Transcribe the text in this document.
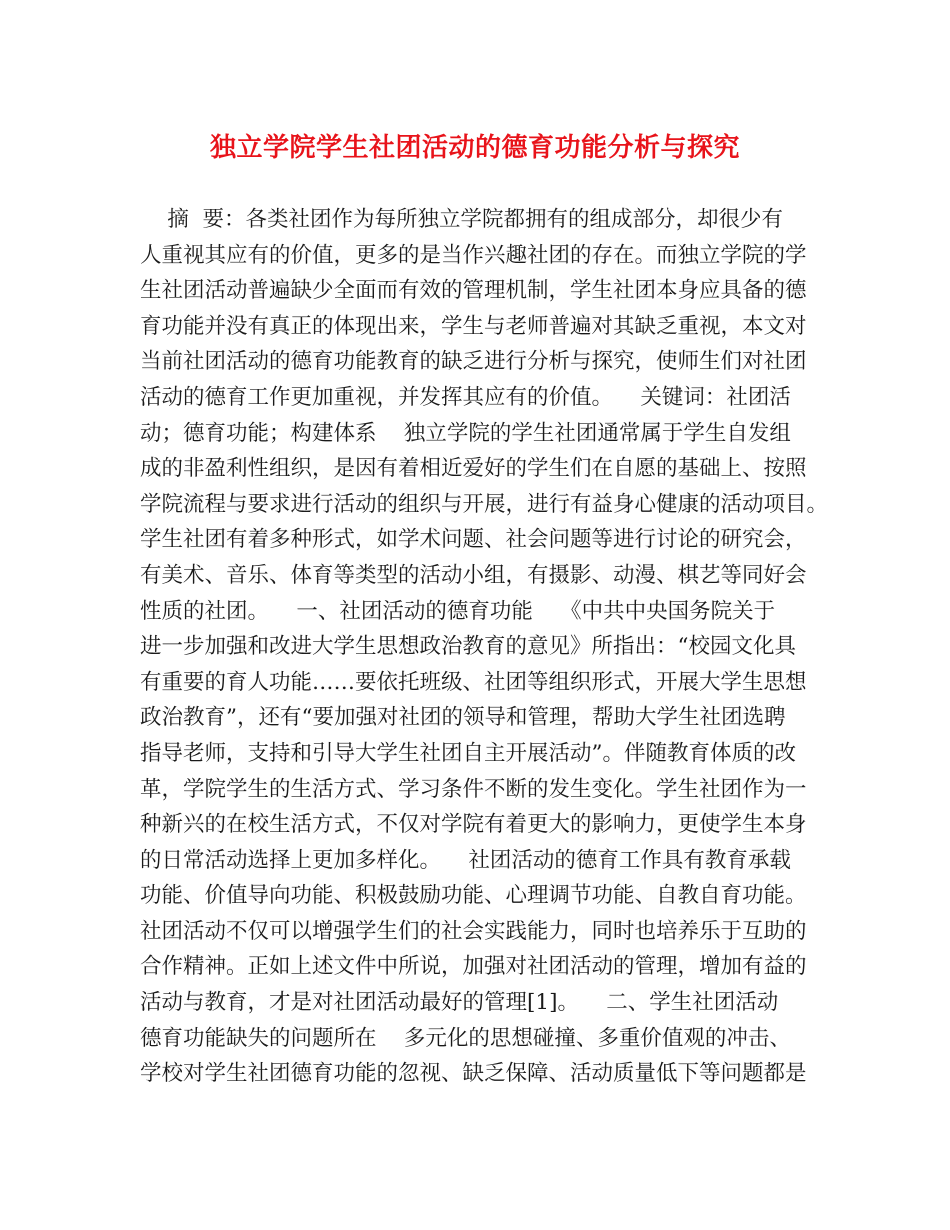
独立学院学生社团活动的德育功能分析与探究
摘  要：各类社团作为每所独立学院都拥有的组成部分，却很少有
人重视其应有的价值，更多的是当作兴趣社团的存在。而独立学院的学
生社团活动普遍缺少全面而有效的管理机制，学生社团本身应具备的德
育功能并没有真正的体现出来，学生与老师普遍对其缺乏重视，本文对
当前社团活动的德育功能教育的缺乏进行分析与探究，使师生们对社团
活动的德育工作更加重视，并发挥其应有的价值。    关键词：社团活
动；德育功能；构建体系    独立学院的学生社团通常属于学生自发组
成的非盈利性组织，是因有着相近爱好的学生们在自愿的基础上、按照
学院流程与要求进行活动的组织与开展，进行有益身心健康的活动项目。
学生社团有着多种形式，如学术问题、社会问题等进行讨论的研究会，
有美术、音乐、体育等类型的活动小组，有摄影、动漫、棋艺等同好会
性质的社团。    一、社团活动的德育功能    《中共中央国务院关于
进一步加强和改进大学生思想政治教育的意见》所指出：“校园文化具
有重要的育人功能……要依托班级、社团等组织形式，开展大学生思想
政治教育”，还有“要加强对社团的领导和管理，帮助大学生社团选聘
指导老师，支持和引导大学生社团自主开展活动”。伴随教育体质的改
革，学院学生的生活方式、学习条件不断的发生变化。学生社团作为一
种新兴的在校生活方式，不仅对学院有着更大的影响力，更使学生本身
的日常活动选择上更加多样化。    社团活动的德育工作具有教育承载
功能、价值导向功能、积极鼓励功能、心理调节功能、自教自育功能。
社团活动不仅可以增强学生们的社会实践能力，同时也培养乐于互助的
合作精神。正如上述文件中所说，加强对社团活动的管理，增加有益的
活动与教育，才是对社团活动最好的管理[1]。    二、学生社团活动
德育功能缺失的问题所在    多元化的思想碰撞、多重价值观的冲击、
学校对学生社团德育功能的忽视、缺乏保障、活动质量低下等问题都是
